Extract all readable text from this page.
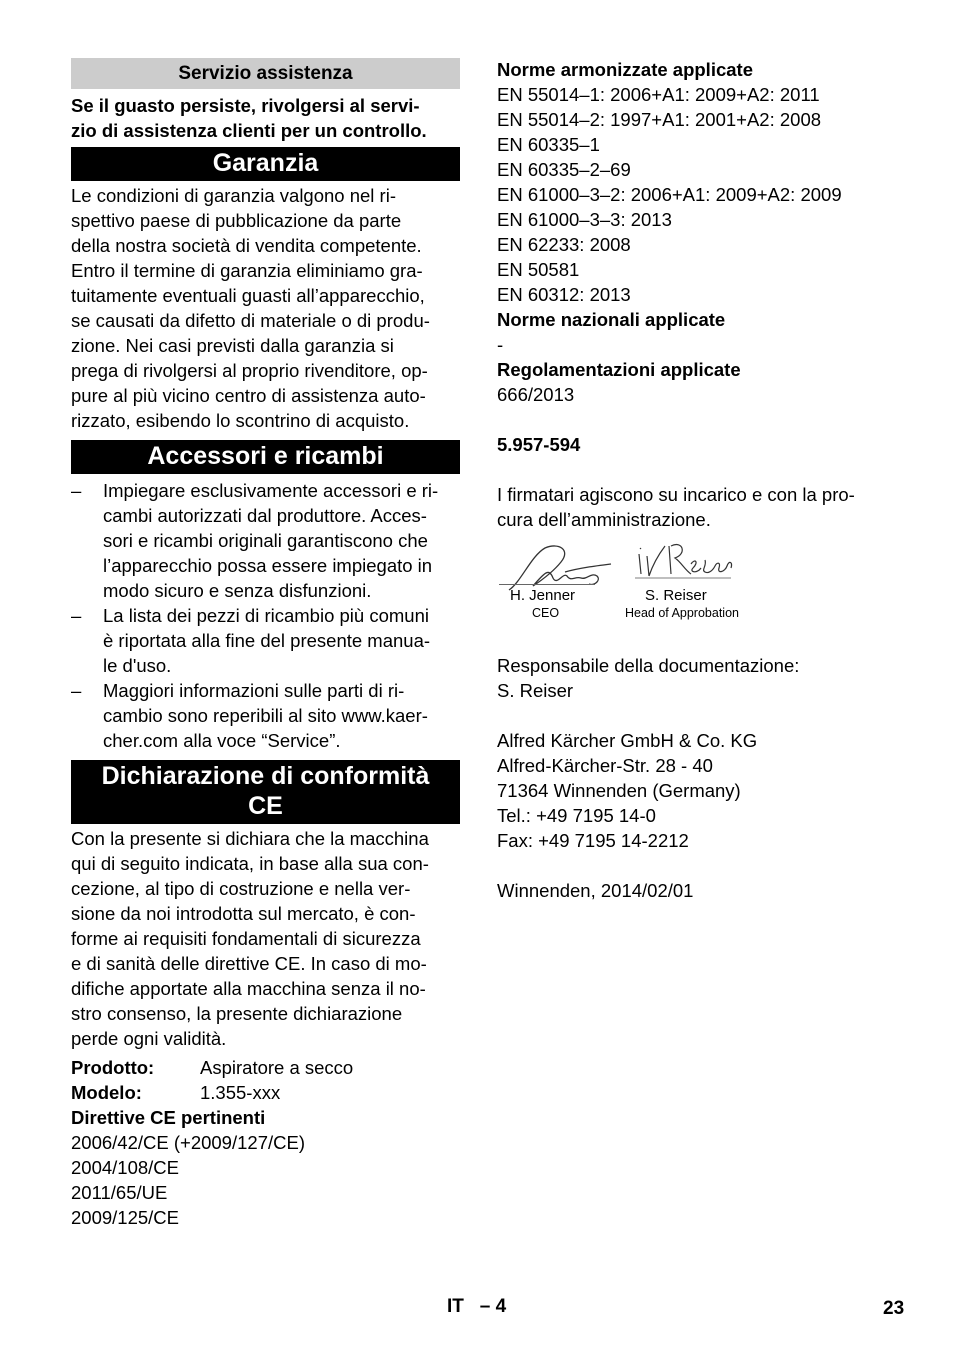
Servizio assistenza
Se il guasto persiste, rivolgersi al servi-
zio di assistenza clienti per un controllo.
Garanzia
Le condizioni di garanzia valgono nel ri-
spettivo paese di pubblicazione da parte
della nostra società di vendita competente.
Entro il termine di garanzia eliminiamo gra-
tuitamente eventuali guasti all’apparecchio,
se causati da difetto di materiale o di produ-
zione. Nei casi previsti dalla garanzia si
prega di rivolgersi al proprio rivenditore, op-
pure al più vicino centro di assistenza auto-
rizzato, esibendo lo scontrino di acquisto.
Accessori e ricambi
–	Impiegare esclusivamente accessori e ri-
cambi autorizzati dal produttore. Acces-
sori e ricambi originali garantiscono che
l’apparecchio possa essere impiegato in
modo sicuro e senza disfunzioni.
–	La lista dei pezzi di ricambio più comuni
è riportata alla fine del presente manua-
le d'uso.
–	Maggiori informazioni sulle parti di ri-
cambio sono reperibili al sito www.kaer-
cher.com alla voce “Service”.
Dichiarazione di conformità
CE
Con la presente si dichiara che la macchina
qui di seguito indicata, in base alla sua con-
cezione, al tipo di costruzione e nella ver-
sione da noi introdotta sul mercato, è con-
forme ai requisiti fondamentali di sicurezza
e di sanità delle direttive CE. In caso di mo-
difiche apportate alla macchina senza il no-
stro consenso, la presente dichiarazione
perde ogni validità.
Prodotto:	Aspiratore a secco
Modelo:	1.355-xxx
Direttive CE pertinenti
2006/42/CE (+2009/127/CE)
2004/108/CE
2011/65/UE
2009/125/CE
Norme armonizzate applicate
EN 55014–1: 2006+A1: 2009+A2: 2011
EN 55014–2: 1997+A1: 2001+A2: 2008
EN 60335–1
EN 60335–2–69
EN 61000–3–2: 2006+A1: 2009+A2: 2009
EN 61000–3–3: 2013
EN 62233: 2008
EN 50581
EN 60312: 2013
Norme nazionali applicate
-
Regolamentazioni applicate
666/2013
5.957-594
I firmatari agiscono su incarico e con la pro-
cura dell’amministrazione.
H. Jenner
CEO
S. Reiser
Head of Approbation
Responsabile della documentazione:
S. Reiser
Alfred Kärcher GmbH & Co. KG
Alfred-Kärcher-Str. 28 - 40
71364 Winnenden (Germany)
Tel.: +49 7195 14-0
Fax: +49 7195 14-2212
Winnenden, 2014/02/01
IT – 4	23
